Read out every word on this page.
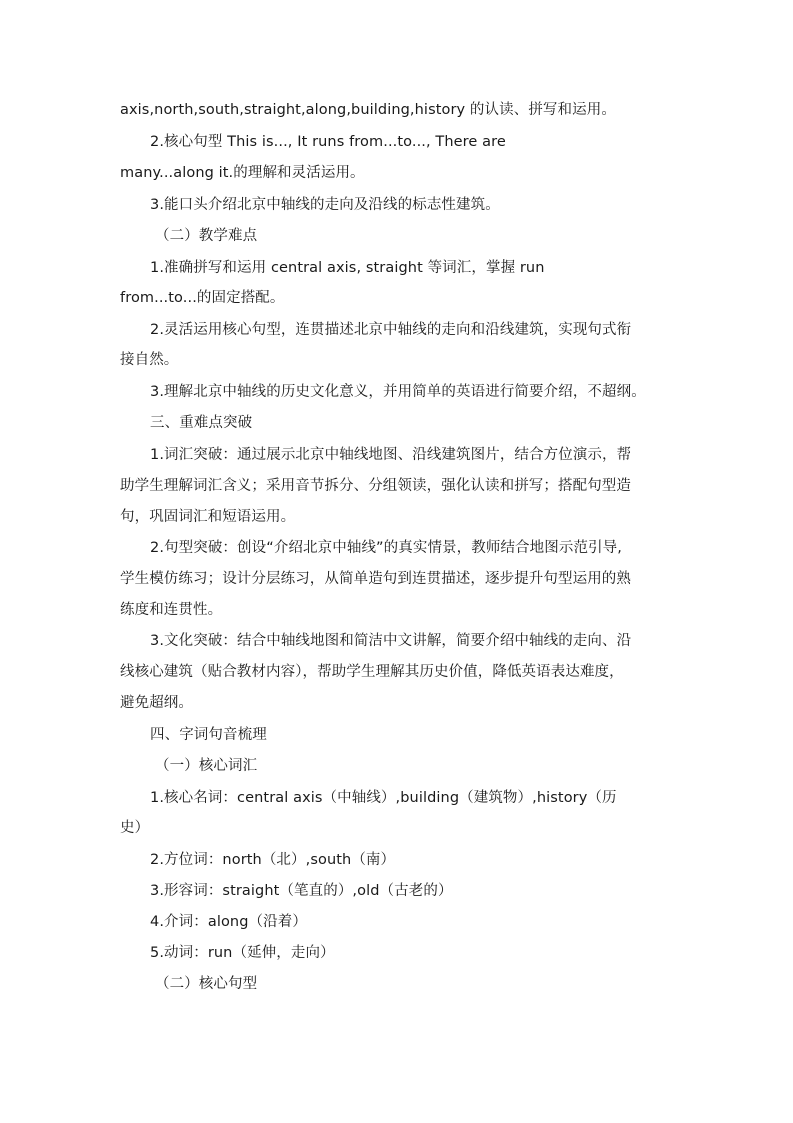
axis,north,south,straight,along,building,history 的认读、拼写和运用。
2.核心句型 This is..., It runs from...to..., There are
many...along it.的理解和灵活运用。
3.能口头介绍北京中轴线的走向及沿线的标志性建筑。
（二）教学难点
1.准确拼写和运用 central axis, straight 等词汇，掌握 run
from...to...的固定搭配。
2.灵活运用核心句型，连贯描述北京中轴线的走向和沿线建筑，实现句式衔
接自然。
3.理解北京中轴线的历史文化意义，并用简单的英语进行简要介绍，不超纲。
三、重难点突破
1.词汇突破：通过展示北京中轴线地图、沿线建筑图片，结合方位演示，帮
助学生理解词汇含义；采用音节拆分、分组领读，强化认读和拼写；搭配句型造
句，巩固词汇和短语运用。
2.句型突破：创设“介绍北京中轴线”的真实情景，教师结合地图示范引导,
学生模仿练习；设计分层练习，从简单造句到连贯描述，逐步提升句型运用的熟
练度和连贯性。
3.文化突破：结合中轴线地图和简洁中文讲解，简要介绍中轴线的走向、沿
线核心建筑（贴合教材内容），帮助学生理解其历史价值，降低英语表达难度，
避免超纲。
四、字词句音梳理
（一）核心词汇
1.核心名词：central axis（中轴线）,building（建筑物）,history（历
史）
2.方位词：north（北）,south（南）
3.形容词：straight（笔直的）,old（古老的）
4.介词：along（沿着）
5.动词：run（延伸，走向）
（二）核心句型
